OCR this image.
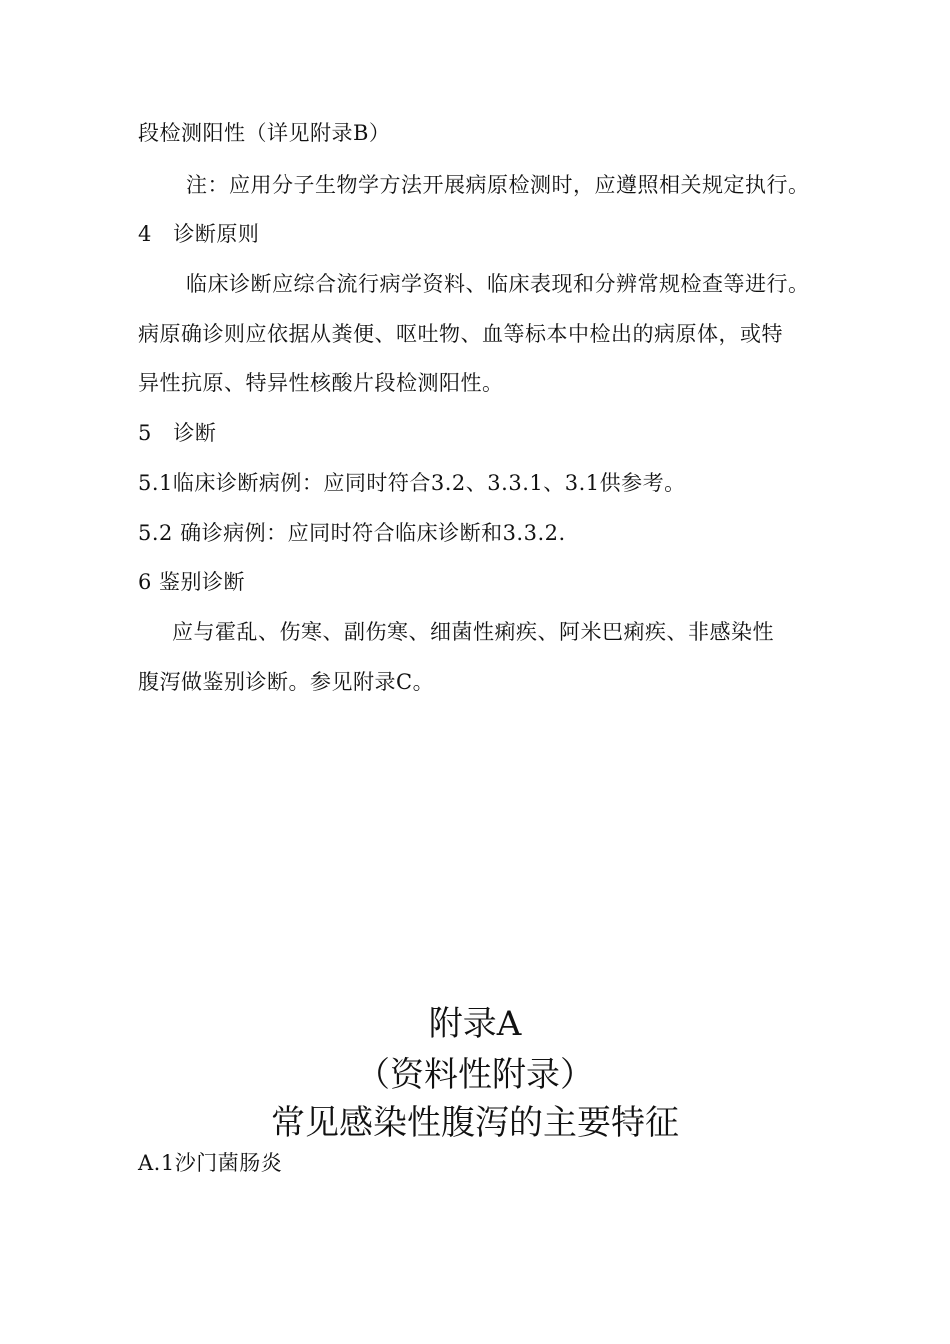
段检测阳性（详见附录B）
注：应用分子生物学方法开展病原检测时，应遵照相关规定执行。
4　诊断原则
临床诊断应综合流行病学资料、临床表现和分辨常规检查等进行。
病原确诊则应依据从粪便、呕吐物、血等标本中检出的病原体，或特
异性抗原、特异性核酸片段检测阳性。
5　诊断
5.1临床诊断病例：应同时符合3.2、3.3.1、3.1供参考。
5.2 确诊病例：应同时符合临床诊断和3.3.2.
6 鉴别诊断
应与霍乱、伤寒、副伤寒、细菌性痢疾、阿米巴痢疾、非感染性
腹泻做鉴别诊断。参见附录C。
附录A
（资料性附录）
常见感染性腹泻的主要特征
A.1沙门菌肠炎
